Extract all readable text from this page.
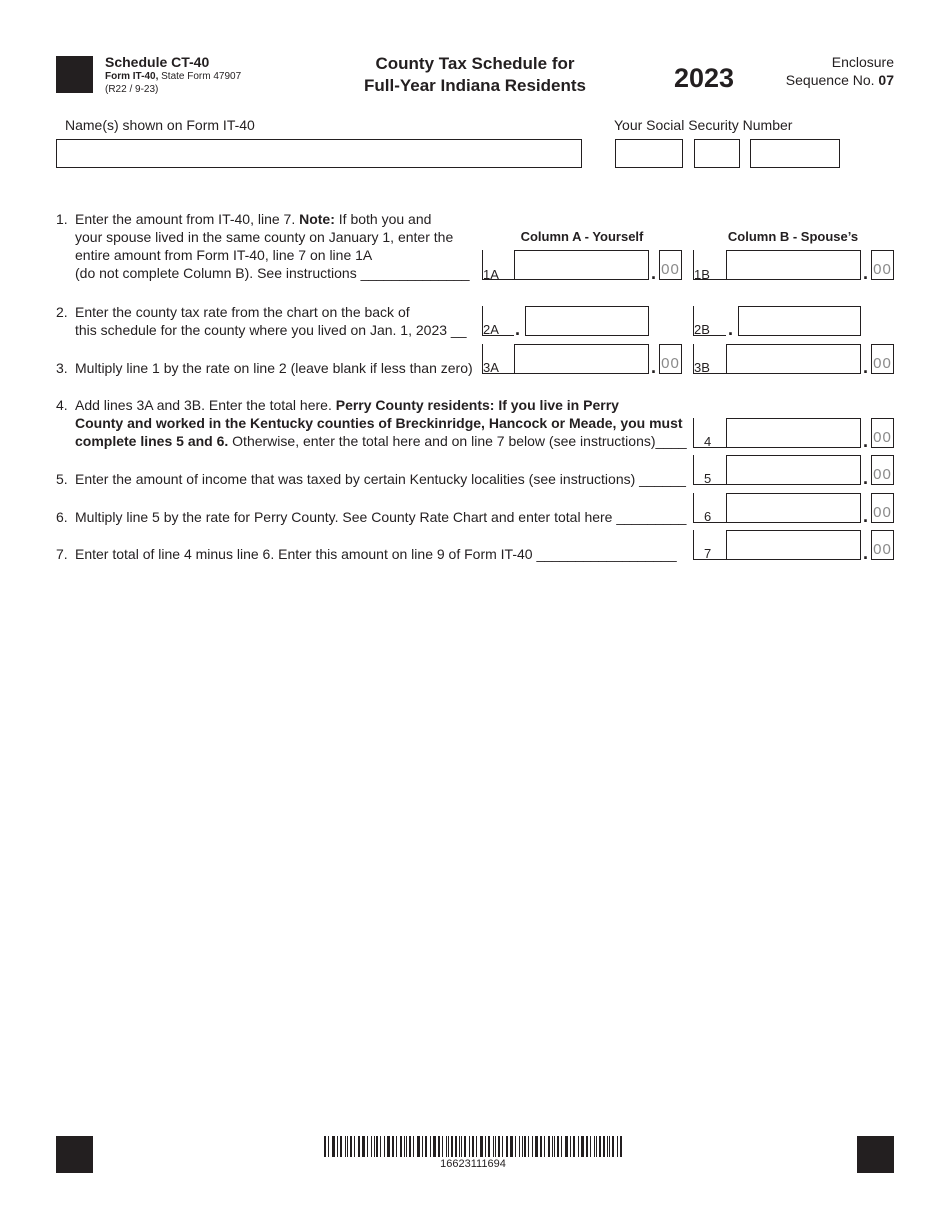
Schedule CT-40
Form IT-40, State Form 47907
(R22 / 9-23)
County Tax Schedule for
Full-Year Indiana Residents	2023
Enclosure
Sequence No. 07
Name(s) shown on Form IT-40	Your Social Security Number
Column A - Yourself	Column B - Spouse’s
1. Enter the amount from IT-40, line 7. Note: If both you and
your spouse lived in the same county on January 1, enter the
entire amount from Form IT-40, line 7 on line 1A
(do not complete Column B). See instructions ______________ 1A	. 00 1B	. 00
2. Enter the county tax rate from the chart on the back of
this schedule for the county where you lived on Jan. 1, 2023 __ 2A .	2B .
3. Multiply line 1 by the rate on line 2 (leave blank if less than zero) 3A	. 00 3B	. 00
4. Add lines 3A and 3B. Enter the total here. Perry County residents: If you live in Perry
County and worked in the Kentucky counties of Breckinridge, Hancock or Meade, you must
complete lines 5 and 6. Otherwise, enter the total here and on line 7 below (see instructions)____ 4	. 00
5. Enter the amount of income that was taxed by certain Kentucky localities (see instructions) ______ 5	. 00
6. Multiply line 5 by the rate for Perry County. See County Rate Chart and enter total here _________ 6	. 00
7. Enter total of line 4 minus line 6. Enter this amount on line 9 of Form IT-40 __________________ 7	. 00
16623111694
